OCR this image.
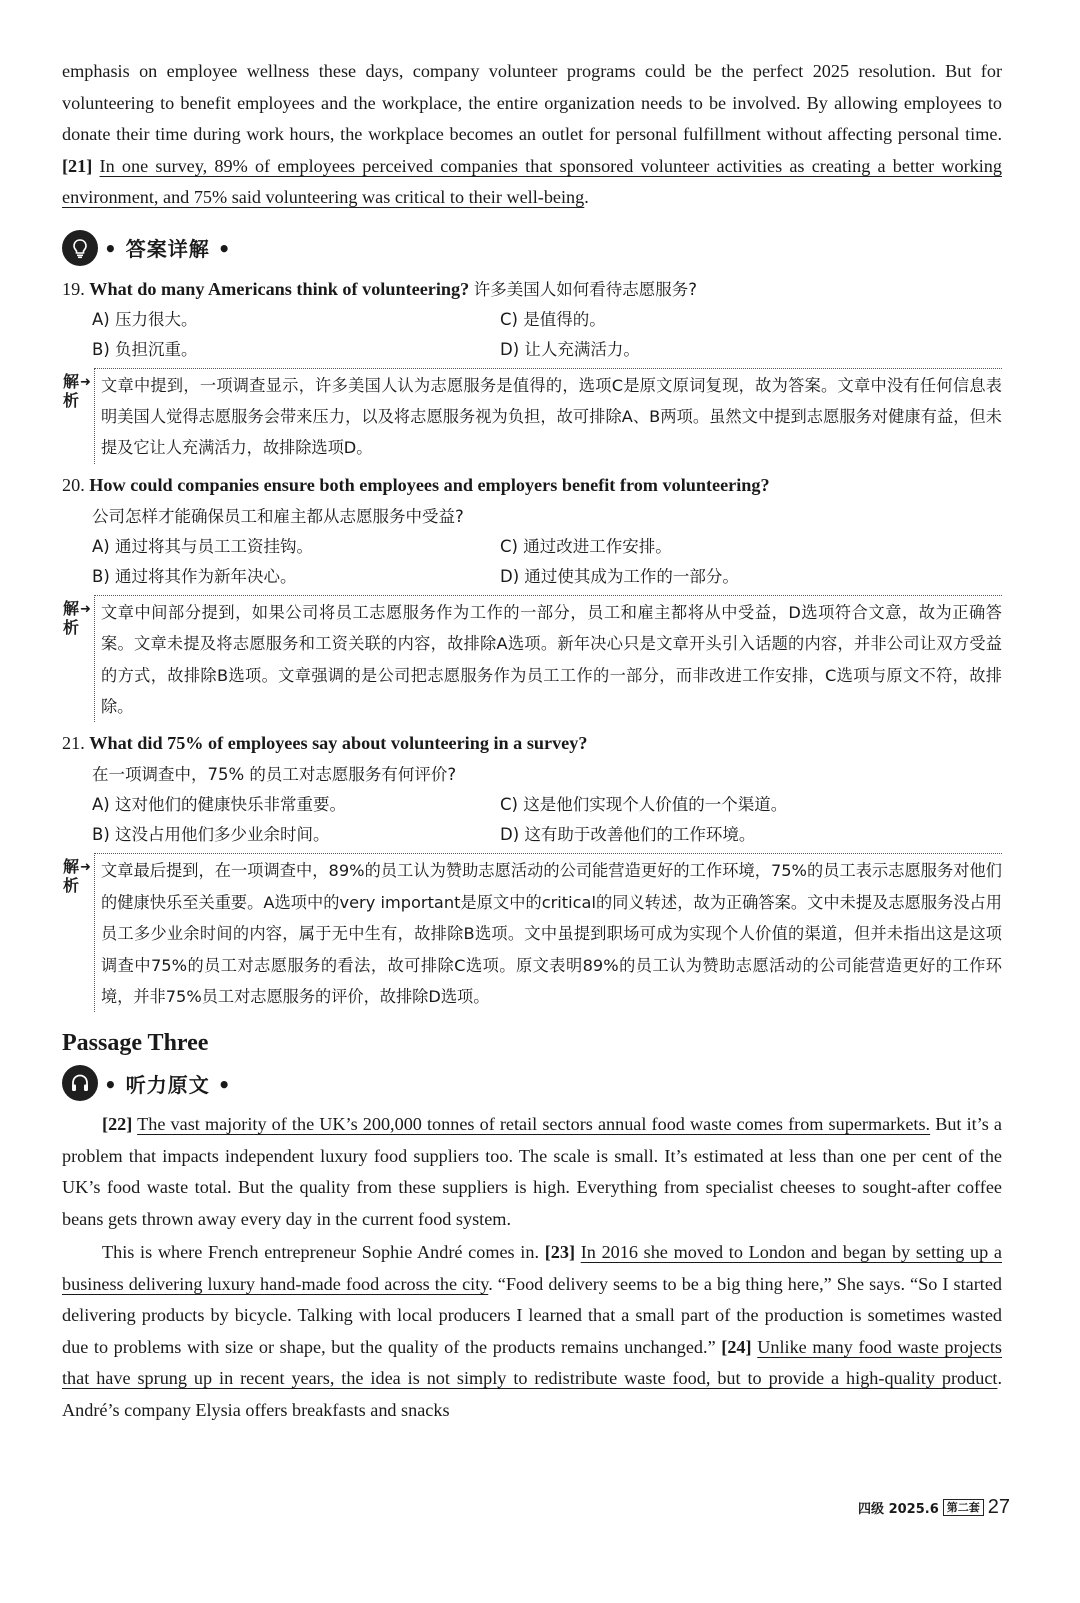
emphasis on employee wellness these days, company volunteer programs could be the perfect 2025 resolution. But for volunteering to benefit employees and the workplace, the entire organization needs to be involved. By allowing employees to donate their time during work hours, the workplace becomes an outlet for personal fulfillment without affecting personal time. [21] In one survey, 89% of employees perceived companies that sponsored volunteer activities as creating a better working environment, and 75% said volunteering was critical to their well-being.

• 答案详解 •
19. What do many Americans think of volunteering? 许多美国人如何看待志愿服务?
A) 压力很大。	C) 是值得的。
B) 负担沉重。	D) 让人充满活力。
解析
➜ 文章中提到，一项调查显示，许多美国人认为志愿服务是值得的，选项C是原文原词复现，故为答案。文章中没有任何信息表明美国人觉得志愿服务会带来压力，以及将志愿服务视为负担，故可排除A、B两项。虽然文中提到志愿服务对健康有益，但未提及它让人充满活力，故排除选项D。
20. How could companies ensure both employees and employers benefit from volunteering?
公司怎样才能确保员工和雇主都从志愿服务中受益?
A) 通过将其与员工工资挂钩。	C) 通过改进工作安排。
B) 通过将其作为新年决心。	D) 通过使其成为工作的一部分。
解析
➜ 文章中间部分提到，如果公司将员工志愿服务作为工作的一部分，员工和雇主都将从中受益，D选项符合文意，故为正确答案。文章未提及将志愿服务和工资关联的内容，故排除A选项。新年决心只是文章开头引入话题的内容，并非公司让双方受益的方式，故排除B选项。文章强调的是公司把志愿服务作为员工工作的一部分，而非改进工作安排，C选项与原文不符，故排除。
21. What did 75% of employees say about volunteering in a survey?
在一项调查中，75% 的员工对志愿服务有何评价?
A) 这对他们的健康快乐非常重要。	C) 这是他们实现个人价值的一个渠道。
B) 这没占用他们多少业余时间。	D) 这有助于改善他们的工作环境。
解析
➜ 文章最后提到，在一项调查中，89%的员工认为赞助志愿活动的公司能营造更好的工作环境，75%的员工表示志愿服务对他们的健康快乐至关重要。A选项中的very important是原文中的critical的同义转述，故为正确答案。文中未提及志愿服务没占用员工多少业余时间的内容，属于无中生有，故排除B选项。文中虽提到职场可成为实现个人价值的渠道，但并未指出这是这项调查中75%的员工对志愿服务的看法，故可排除C选项。原文表明89%的员工认为赞助志愿活动的公司能营造更好的工作环境，并非75%员工对志愿服务的评价，故排除D选项。
Passage Three
• 听力原文 •

[22] The vast majority of the UK’s 200,000 tonnes of retail sectors annual food waste comes from supermarkets. But it’s a problem that impacts independent luxury food suppliers too. The scale is small. It’s estimated at less than one per cent of the UK’s food waste total. But the quality from these suppliers is high. Everything from specialist cheeses to sought-after coffee beans gets thrown away every day in the current food system.

This is where French entrepreneur Sophie André comes in. [23] In 2016 she moved to London and began by setting up a business delivering luxury hand-made food across the city. “Food delivery seems to be a big thing here,” She says. “So I started delivering products by bicycle. Talking with local producers I learned that a small part of the production is sometimes wasted due to problems with size or shape, but the quality of the products remains unchanged.” [24] Unlike many food waste projects that have sprung up in recent years, the idea is not simply to redistribute waste food, but to provide a high-quality product. André’s company Elysia offers breakfasts and snacks

四级 2025.6 第二套 27
